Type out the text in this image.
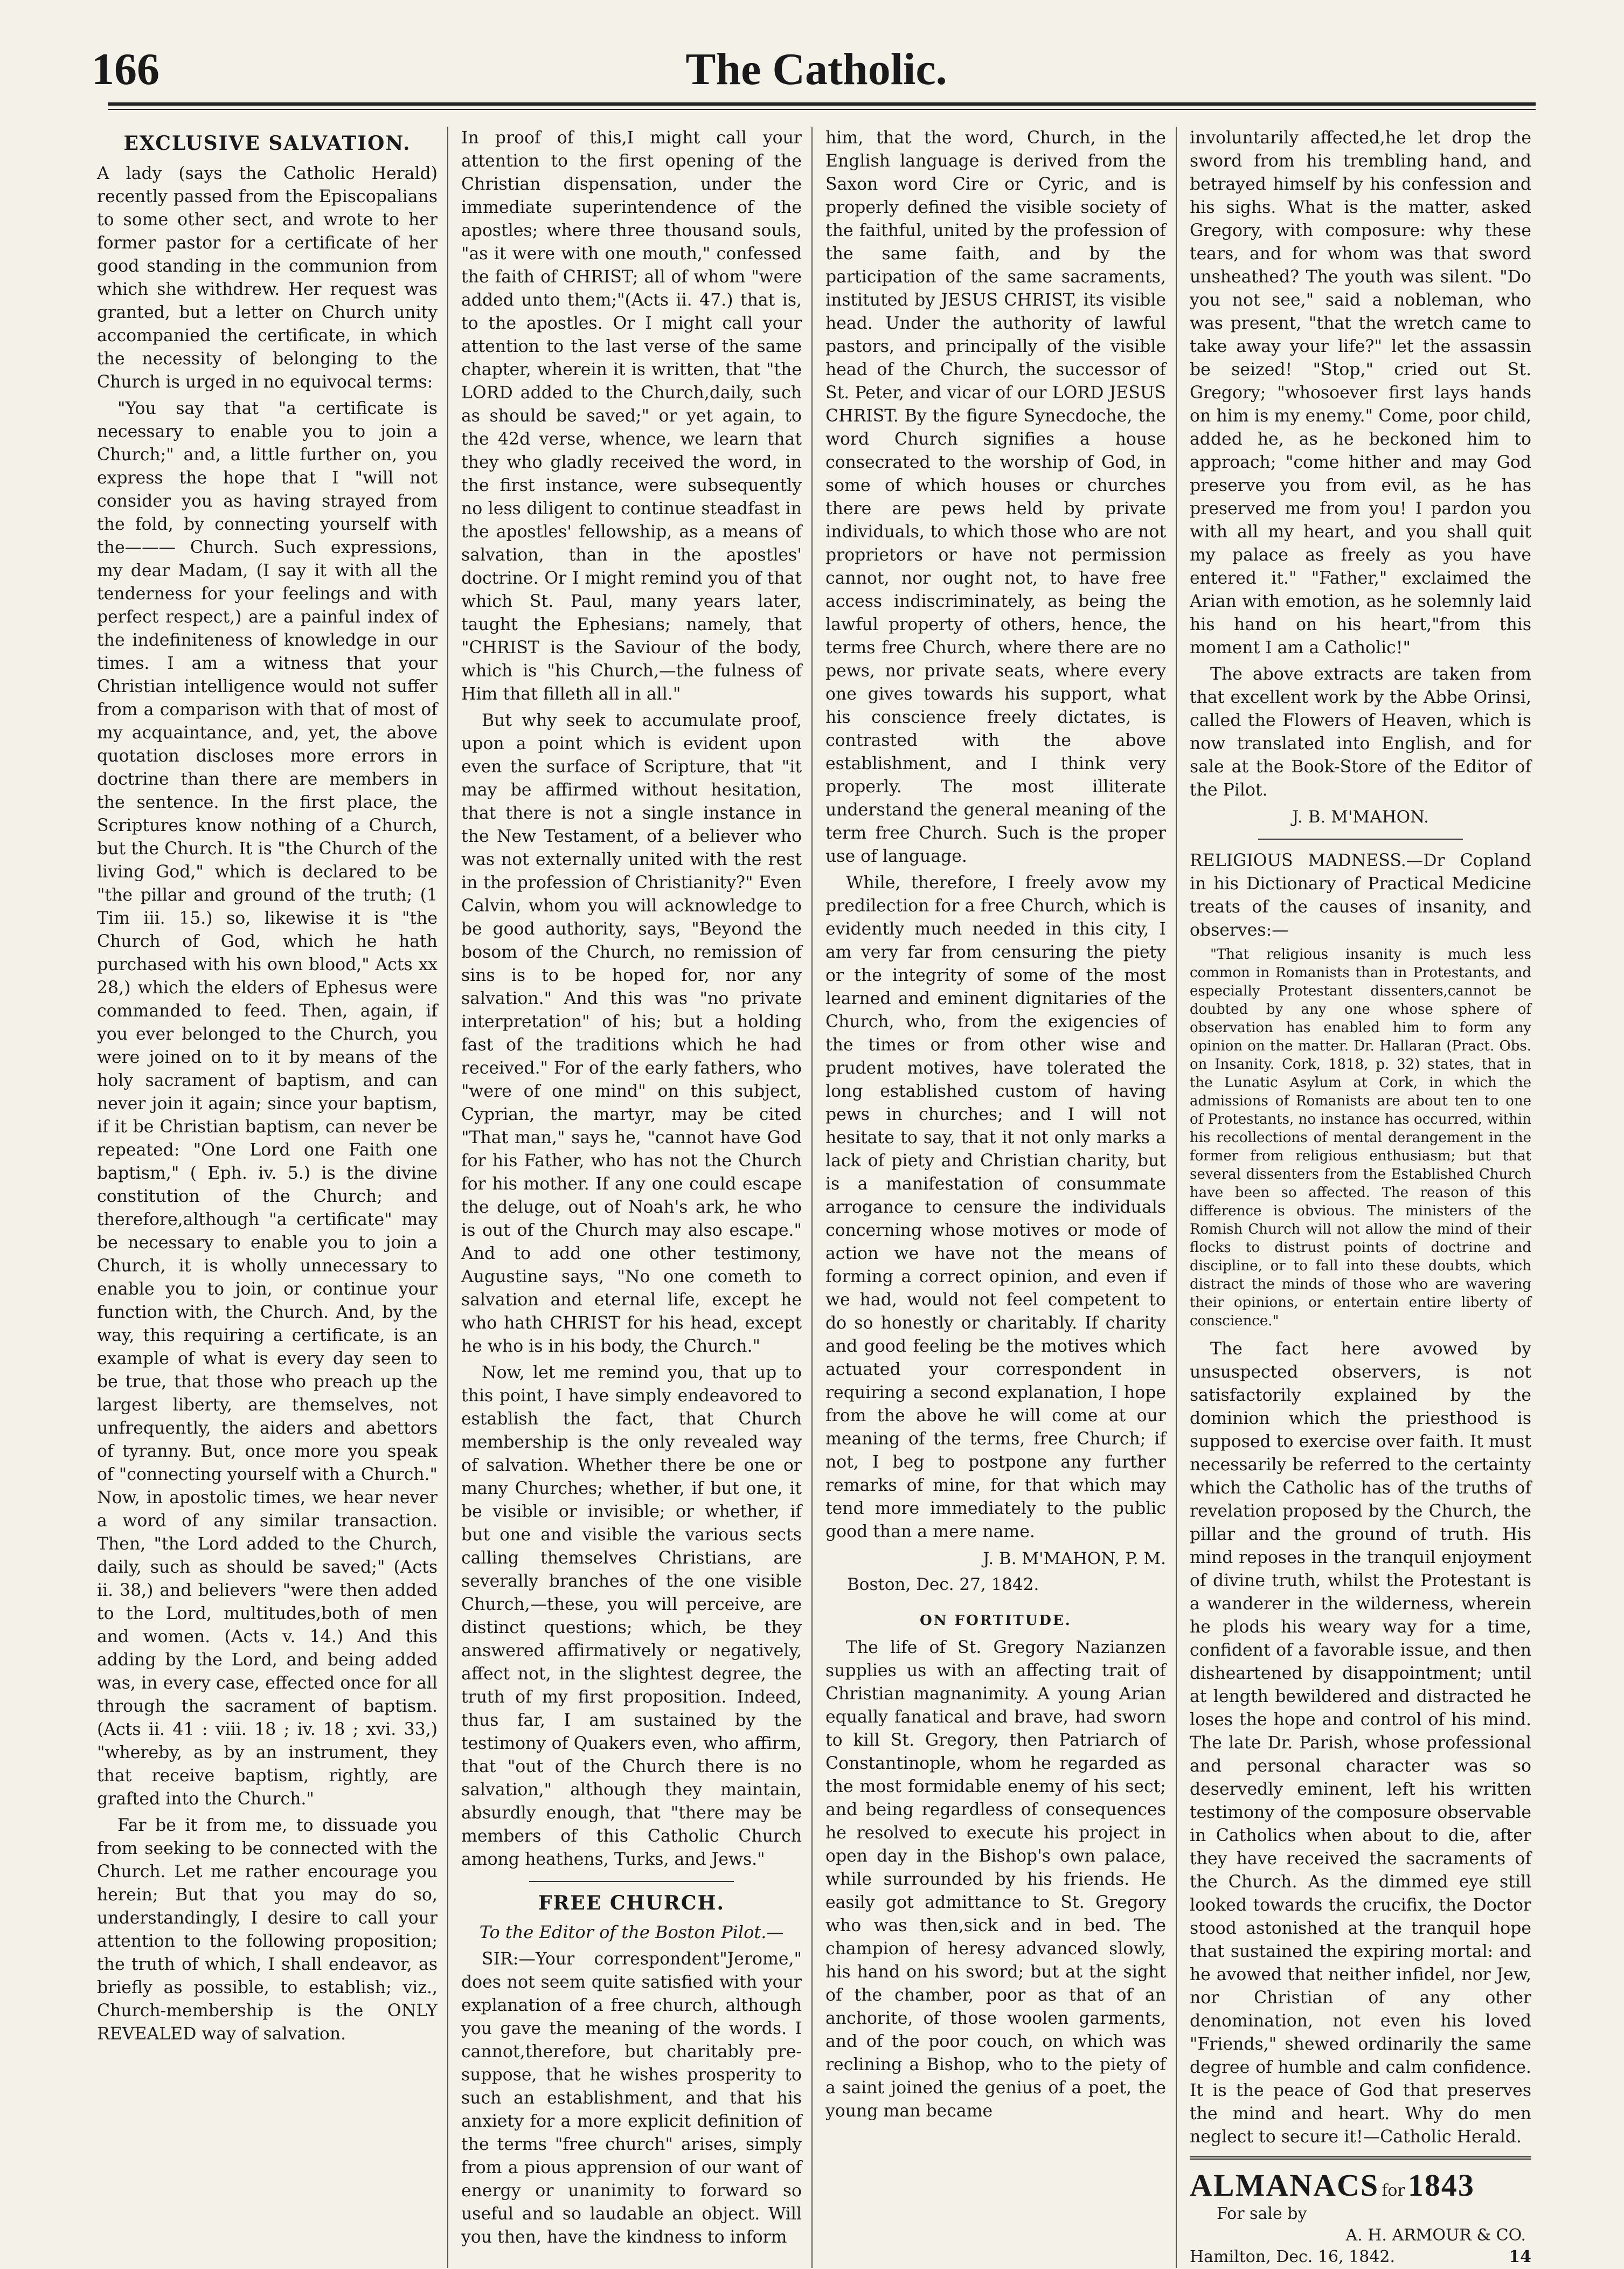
166	The Catholic.
EXCLUSIVE SALVATION.

A lady (says the Catholic Herald) recently passed from the Episcopalians to some other sect, and wrote to her former pastor for a certificate of her good standing in the communion from which she withdrew. Her request was granted, but a letter on Church unity accompanied the certificate, in which the necessity of belonging to the Church is urged in no equivocal terms:

"You say that "a certificate is necessary to enable you to join a Church;" and, a little further on, you express the hope that I "will not consider you as having strayed from the fold, by connecting yourself with the——— Church. Such expressions, my dear Madam, (I say it with all the tenderness for your feelings and with perfect respect,) are a painful index of the indefiniteness of knowledge in our times. I am a witness that your Christian intelligence would not suffer from a comparison with that of most of my acquaintance, and, yet, the above quotation discloses more errors in doctrine than there are members in the sentence. In the first place, the Scriptures know nothing of a Church, but the Church. It is "the Church of the living God," which is declared to be "the pillar and ground of the truth; (1 Tim iii. 15.) so, likewise it is "the Church of God, which he hath purchased with his own blood," Acts xx 28,) which the elders of Ephesus were commanded to feed. Then, again, if you ever belonged to the Church, you were joined on to it by means of the holy sacrament of baptism, and can never join it again; since your baptism, if it be Christian baptism, can never be repeated: "One Lord one Faith one baptism," ( Eph. iv. 5.) is the divine constitution of the Church; and therefore,although "a certificate" may be necessary to enable you to join a Church, it is wholly unnecessary to enable you to join, or continue your function with, the Church. And, by the way, this requiring a certificate, is an example of what is every day seen to be true, that those who preach up the largest liberty, are themselves, not unfrequently, the aiders and abettors of tyranny. But, once more you speak of "connecting yourself with a Church." Now, in apostolic times, we hear never a word of any similar transaction. Then, "the Lord added to the Church, daily, such as should be saved;" (Acts ii. 38,) and believers "were then added to the Lord, multitudes,both of men and women. (Acts v. 14.) And this adding by the Lord, and being added was, in every case, effected once for all through the sacrament of baptism. (Acts ii. 41 : viii. 18 ; iv. 18 ; xvi. 33,) "whereby, as by an instrument, they that receive baptism, rightly, are grafted into the Church."

Far be it from me, to dissuade you from seeking to be connected with the Church. Let me rather encourage you herein; But that you may do so, understandingly, I desire to call your attention to the following proposition; the truth of which, I shall endeavor, as briefly as possible, to establish; viz., Church-membership is the ONLY REVEALED way of salvation.

In proof of this,I might call your attention to the first opening of the Christian dispensation, under the immediate superintendence of the apostles; where three thousand souls, "as it were with one mouth," confessed the faith of CHRIST; all of whom "were added unto them;"(Acts ii. 47.) that is, to the apostles. Or I might call your attention to the last verse of the same chapter, wherein it is written, that "the LORD added to the Church,daily, such as should be saved;" or yet again, to the 42d verse, whence, we learn that they who gladly received the word, in the first instance, were subsequently no less diligent to continue steadfast in the apostles' fellowship, as a means of salvation, than in the apostles' doctrine. Or I might remind you of that which St. Paul, many years later, taught the Ephesians; namely, that "CHRIST is the Saviour of the body, which is "his Church,—the fulness of Him that filleth all in all."

But why seek to accumulate proof, upon a point which is evident upon even the surface of Scripture, that "it may be affirmed without hesitation, that there is not a single instance in the New Testament, of a believer who was not externally united with the rest in the profession of Christianity?" Even Calvin, whom you will acknowledge to be good authority, says, "Beyond the bosom of the Church, no remission of sins is to be hoped for, nor any salvation." And this was "no private interpretation" of his; but a holding fast of the traditions which he had received." For of the early fathers, who "were of one mind" on this subject, Cyprian, the martyr, may be cited "That man," says he, "cannot have God for his Father, who has not the Church for his mother. If any one could escape the deluge, out of Noah's ark, he who is out of the Church may also escape." And to add one other testimony, Augustine says, "No one cometh to salvation and eternal life, except he who hath CHRIST for his head, except he who is in his body, the Church."

Now, let me remind you, that up to this point, I have simply endeavored to establish the fact, that Church membership is the only revealed way of salvation. Whether there be one or many Churches; whether, if but one, it be visible or invisible; or whether, if but one and visible the various sects calling themselves Christians, are severally branches of the one visible Church,—these, you will perceive, are distinct questions; which, be they answered affirmatively or negatively, affect not, in the slightest degree, the truth of my first proposition. Indeed, thus far, I am sustained by the testimony of Quakers even, who affirm, that "out of the Church there is no salvation," although they maintain, absurdly enough, that "there may be members of this Catholic Church among heathens, Turks, and Jews."

FREE CHURCH.
To the Editor of the Boston Pilot.—

SIR:—Your correspondent"Jerome," does not seem quite satisfied with your explanation of a free church, although you gave the meaning of the words. I cannot,therefore, but charitably pre-suppose, that he wishes prosperity to such an establishment, and that his anxiety for a more explicit definition of the terms "free church" arises, simply from a pious apprension of our want of energy or unanimity to forward so useful and so laudable an object. Will you then, have the kindness to inform

him, that the word, Church, in the English language is derived from the Saxon word Cire or Cyric, and is properly defined the visible society of the faithful, united by the profession of the same faith, and by the participation of the same sacraments, instituted by JESUS CHRIST, its visible head. Under the authority of lawful pastors, and principally of the visible head of the Church, the successor of St. Peter, and vicar of our LORD JESUS CHRIST. By the figure Synecdoche, the word Church signifies a house consecrated to the worship of God, in some of which houses or churches there are pews held by private individuals, to which those who are not proprietors or have not permission cannot, nor ought not, to have free access indiscriminately, as being the lawful property of others, hence, the terms free Church, where there are no pews, nor private seats, where every one gives towards his support, what his conscience freely dictates, is contrasted with the above establishment, and I think very properly. The most illiterate understand the general meaning of the term free Church. Such is the proper use of language.

While, therefore, I freely avow my predilection for a free Church, which is evidently much needed in this city, I am very far from censuring the piety or the integrity of some of the most learned and eminent dignitaries of the Church, who, from the exigencies of the times or from other wise and prudent motives, have tolerated the long established custom of having pews in churches; and I will not hesitate to say, that it not only marks a lack of piety and Christian charity, but is a manifestation of consummate arrogance to censure the individuals concerning whose motives or mode of action we have not the means of forming a correct opinion, and even if we had, would not feel competent to do so honestly or charitably. If charity and good feeling be the motives which actuated your correspondent in requiring a second explanation, I hope from the above he will come at our meaning of the terms, free Church; if not, I beg to postpone any further remarks of mine, for that which may tend more immediately to the public good than a mere name.

J. B. M'MAHON, P. M.
Boston, Dec. 27, 1842.
ON FORTITUDE.

The life of St. Gregory Nazianzen supplies us with an affecting trait of Christian magnanimity. A young Arian equally fanatical and brave, had sworn to kill St. Gregory, then Patriarch of Constantinople, whom he regarded as the most formidable enemy of his sect; and being regardless of consequences he resolved to execute his project in open day in the Bishop's own palace, while surrounded by his friends. He easily got admittance to St. Gregory who was then,sick and in bed. The champion of heresy advanced slowly, his hand on his sword; but at the sight of the chamber, poor as that of an anchorite, of those woolen garments, and of the poor couch, on which was reclining a Bishop, who to the piety of a saint joined the genius of a poet, the young man became

involuntarily affected,he let drop the sword from his trembling hand, and betrayed himself by his confession and his sighs. What is the matter, asked Gregory, with composure: why these tears, and for whom was that sword unsheathed? The youth was silent. "Do you not see," said a nobleman, who was present, "that the wretch came to take away your life?" let the assassin be seized! "Stop," cried out St. Gregory; "whosoever first lays hands on him is my enemy." Come, poor child, added he, as he beckoned him to approach; "come hither and may God preserve you from evil, as he has preserved me from you! I pardon you with all my heart, and you shall quit my palace as freely as you have entered it." "Father," exclaimed the Arian with emotion, as he solemnly laid his hand on his heart,"from this moment I am a Catholic!"

The above extracts are taken from that excellent work by the Abbe Orinsi, called the Flowers of Heaven, which is now translated into English, and for sale at the Book-Store of the Editor of the Pilot.

J. B. M'MAHON.

RELIGIOUS MADNESS.—Dr Copland in his Dictionary of Practical Medicine treats of the causes of insanity, and observes:—

"That religious insanity is much less common in Romanists than in Protestants, and especially Protestant dissenters,cannot be doubted by any one whose sphere of observation has enabled him to form any opinion on the matter. Dr. Hallaran (Pract. Obs. on Insanity. Cork, 1818, p. 32) states, that in the Lunatic Asylum at Cork, in which the admissions of Romanists are about ten to one of Protestants, no instance has occurred, within his recollections of mental derangement in the former from religious enthusiasm; but that several dissenters from the Established Church have been so affected. The reason of this difference is obvious. The ministers of the Romish Church will not allow the mind of their flocks to distrust points of doctrine and discipline, or to fall into these doubts, which distract the minds of those who are wavering their opinions, or entertain entire liberty of conscience."

The fact here avowed by unsuspected observers, is not satisfactorily explained by the dominion which the priesthood is supposed to exercise over faith. It must necessarily be referred to the certainty which the Catholic has of the truths of revelation proposed by the Church, the pillar and the ground of truth. His mind reposes in the tranquil enjoyment of divine truth, whilst the Protestant is a wanderer in the wilderness, wherein he plods his weary way for a time, confident of a favorable issue, and then disheartened by disappointment; until at length bewildered and distracted he loses the hope and control of his mind. The late Dr. Parish, whose professional and personal character was so deservedly eminent, left his written testimony of the composure observable in Catholics when about to die, after they have received the sacraments of the Church. As the dimmed eye still looked towards the crucifix, the Doctor stood astonished at the tranquil hope that sustained the expiring mortal: and he avowed that neither infidel, nor Jew, nor Christian of any other denomination, not even his loved "Friends," shewed ordinarily the same degree of humble and calm confidence. It is the peace of God that preserves the mind and heart. Why do men neglect to secure it!—Catholic Herald.

ALMANACS for 1843
For sale by
A. H. ARMOUR & CO.
Hamilton, Dec. 16, 1842.	14
